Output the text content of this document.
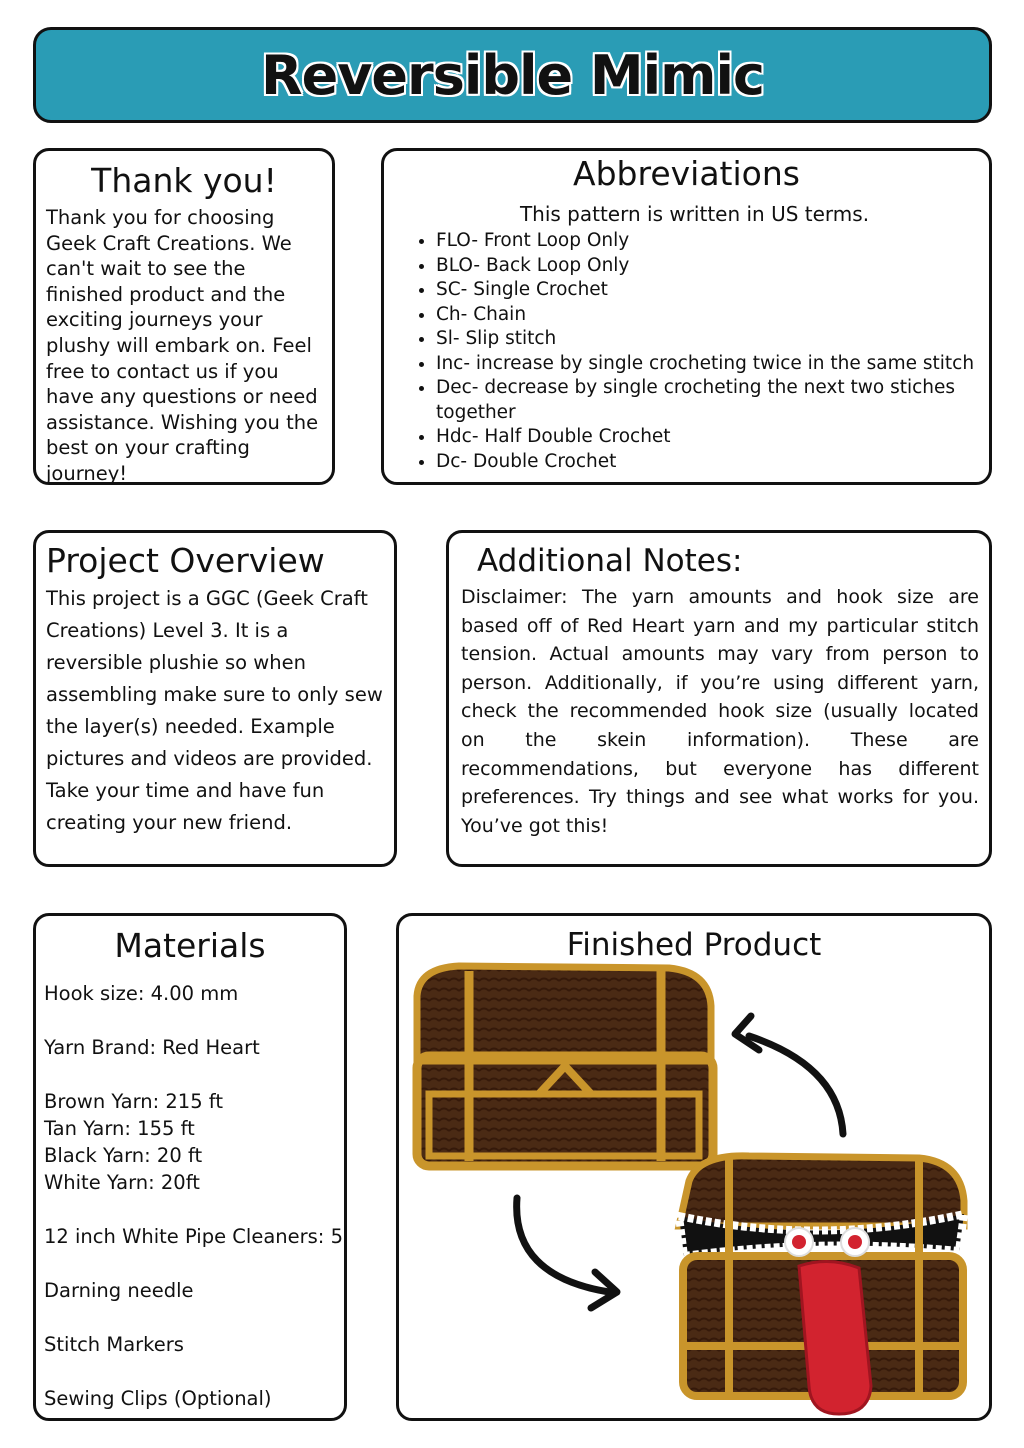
Reversible Mimic
Thank you!

Thank you for choosing Geek Craft Creations. We can't wait to see the finished product and the exciting journeys your plushy will embark on. Feel free to contact us if you have any questions or need assistance. Wishing you the best on your crafting journey!

Abbreviations
This pattern is written in US terms.
• FLO- Front Loop Only
• BLO- Back Loop Only
• SC- Single Crochet
• Ch- Chain
• Sl- Slip stitch
• Inc- increase by single crocheting twice in the same stitch
• Dec- decrease by single crocheting the next two stiches together
• Hdc- Half Double Crochet
• Dc- Double Crochet
Project Overview

This project is a GGC (Geek Craft Creations) Level 3. It is a reversible plushie so when assembling make sure to only sew the layer(s) needed. Example pictures and videos are provided. Take your time and have fun creating your new friend.

Additional Notes:

Disclaimer: The yarn amounts and hook size are based off of Red Heart yarn and my particular stitch tension. Actual amounts may vary from person to person. Additionally, if you’re using different yarn, check the recommended hook size (usually located on the skein information). These are recommendations, but everyone has different preferences. Try things and see what works for you. You’ve got this!

Materials
Hook size: 4.00 mm
Yarn Brand: Red Heart
Brown Yarn: 215 ft
Tan Yarn: 155 ft
Black Yarn: 20 ft
White Yarn: 20ft
12 inch White Pipe Cleaners: 5
Darning needle
Stitch Markers
Sewing Clips (Optional)
Finished Product
